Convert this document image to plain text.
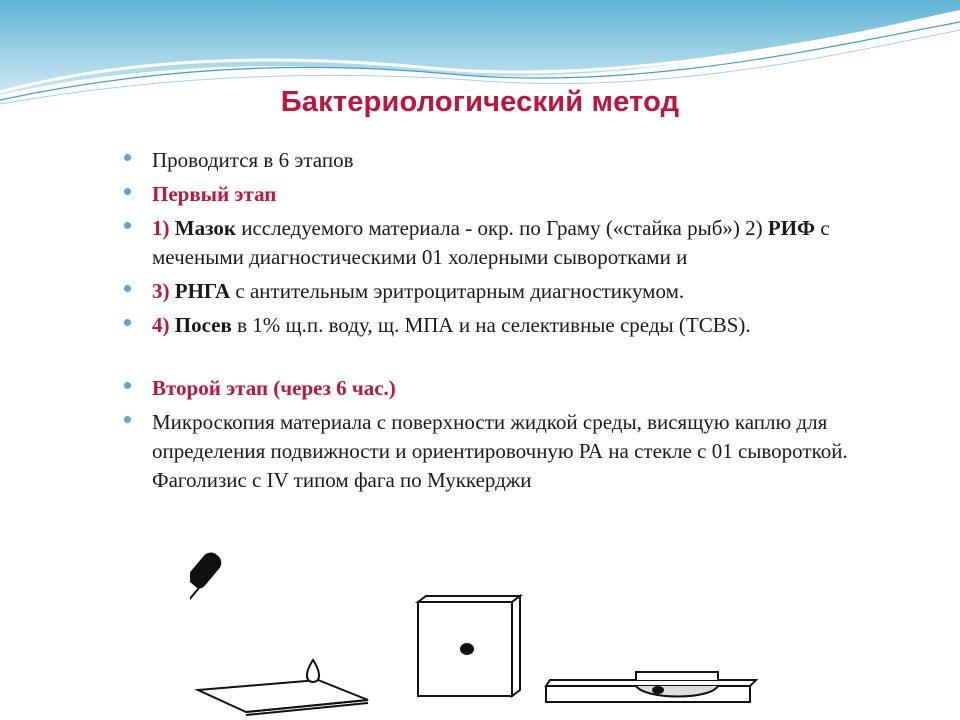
Бактериологический метод
Проводится в 6 этапов
Первый этап
1) Мазок исследуемого материала - окр. по Граму («стайка рыб») 2) РИФ с мечеными диагностическими 01 холерными сыворотками и
3) РНГА с антительным эритроцитарным диагностикумом.
4) Посев в 1% щ.п. воду, щ. МПА и на селективные среды (TCBS).
Второй этап (через 6 час.)
Микроскопия материала с поверхности жидкой среды, висящую каплю для определения подвижности и ориентировочную РА на стекле с 01 сывороткой. Фаголизис с IV типом фага по Муккерджи
